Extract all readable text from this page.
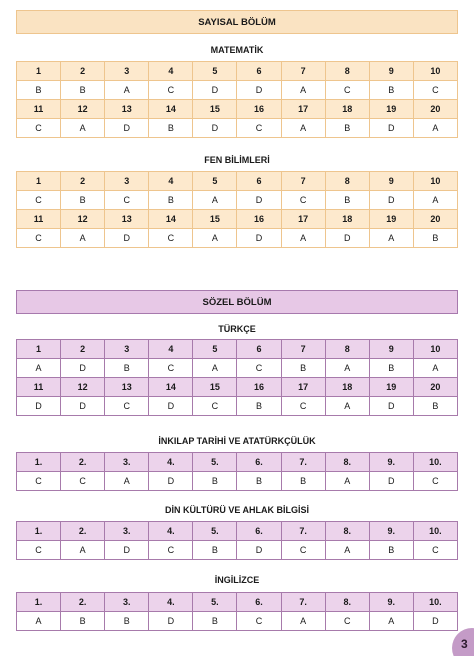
SAYISAL BÖLÜM
MATEMATİK
1	2	3	4	5	6	7	8	9	10
B	B	A	C	D	D	A	C	B	C
11	12	13	14	15	16	17	18	19	20
C	A	D	B	D	C	A	B	D	A
FEN BİLİMLERİ
1	2	3	4	5	6	7	8	9	10
C	B	C	B	A	D	C	B	D	A
11	12	13	14	15	16	17	18	19	20
C	A	D	C	A	D	A	D	A	B
SÖZEL BÖLÜM
TÜRKÇE
1	2	3	4	5	6	7	8	9	10
A	D	B	C	A	C	B	A	B	A
11	12	13	14	15	16	17	18	19	20
D	D	C	D	C	B	C	A	D	B
İNKILAP TARİHİ VE ATATÜRKÇÜLÜK
1.	2.	3.	4.	5.	6.	7.	8.	9.	10.
C	C	A	D	B	B	B	A	D	C
DİN KÜLTÜRÜ VE AHLAK BİLGİSİ
1.	2.	3.	4.	5.	6.	7.	8.	9.	10.
C	A	D	C	B	D	C	A	B	C
İNGİLİZCE
1.	2.	3.	4.	5.	6.	7.	8.	9.	10.
A	B	B	D	B	C	A	C	A	D
3
